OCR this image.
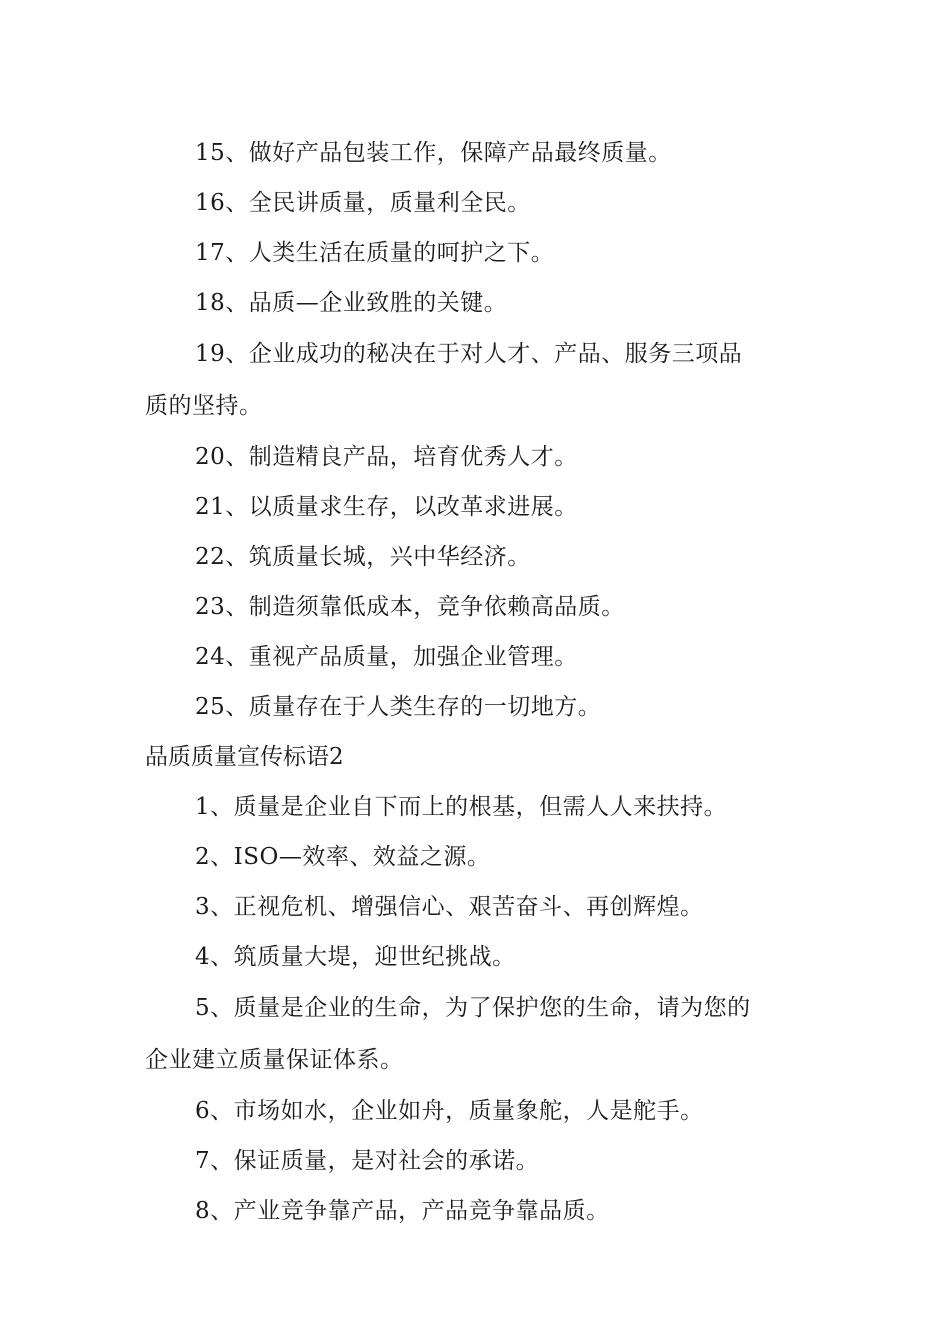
15、做好产品包装工作，保障产品最终质量。
16、全民讲质量，质量利全民。
17、人类生活在质量的呵护之下。
18、品质—企业致胜的关键。
19、企业成功的秘决在于对人才、产品、服务三项品
质的坚持。
20、制造精良产品，培育优秀人才。
21、以质量求生存，以改革求进展。
22、筑质量长城，兴中华经济。
23、制造须靠低成本，竞争依赖高品质。
24、重视产品质量，加强企业管理。
25、质量存在于人类生存的一切地方。
品质质量宣传标语2
1、质量是企业自下而上的根基，但需人人来扶持。
2、ISO—效率、效益之源。
3、正视危机、增强信心、艰苦奋斗、再创辉煌。
4、筑质量大堤，迎世纪挑战。
5、质量是企业的生命，为了保护您的生命，请为您的
企业建立质量保证体系。
6、市场如水，企业如舟，质量象舵，人是舵手。
7、保证质量，是对社会的承诺。
8、产业竞争靠产品，产品竞争靠品质。
